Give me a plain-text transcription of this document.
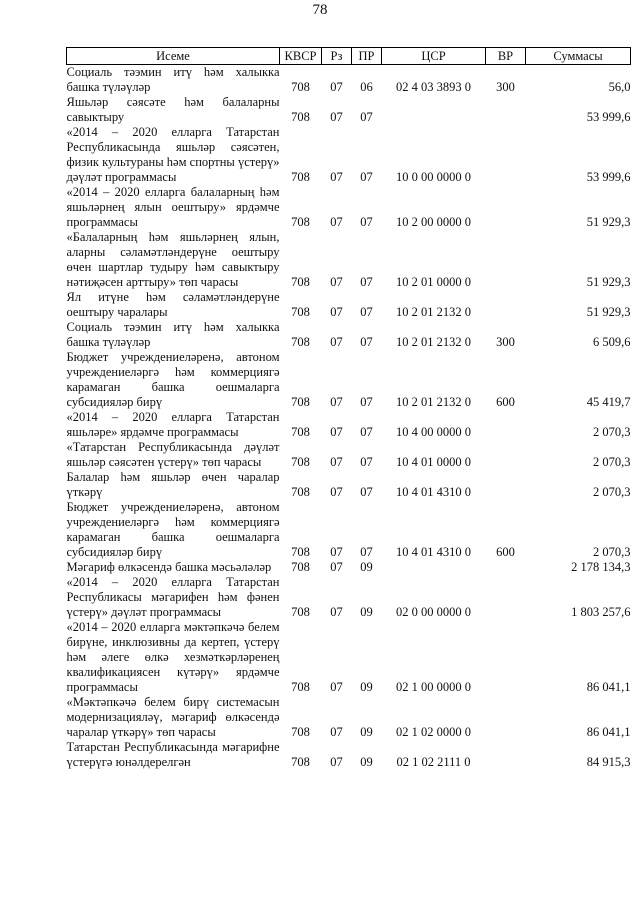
78
Исеме	КВСР	Рз	ПР	ЦСР	ВР	Суммасы
Социаль тәэмин итү һәм халыкка башка түләүләр	708	07	06	02 4 03 3893 0	300	56,0
Яшьләр сәясәте һәм балаларны савыктыру	708	07	07			53 999,6
«2014 – 2020 елларга Татарстан Республикасында яшьләр сәясәтен, физик культураны һәм спортны үстерү» дәүләт программасы	708	07	07	10 0 00 0000 0		53 999,6
«2014 – 2020 елларга балаларның һәм яшьләрнең ялын оештыру» ярдәмче программасы	708	07	07	10 2 00 0000 0		51 929,3
«Балаларның һәм яшьләрнең ялын, аларны сәламәтләндерүне оештыру өчен шартлар тудыру һәм савыктыру нәтиҗәсен арттыру» төп чарасы	708	07	07	10 2 01 0000 0		51 929,3
Ял итүне һәм сәламәтләндерүне оештыру чаралары	708	07	07	10 2 01 2132 0		51 929,3
Социаль тәэмин итү һәм халыкка башка түләүләр	708	07	07	10 2 01 2132 0	300	6 509,6
Бюджет учреждениеләренә, автоном учреждениеләргә һәм коммерциягә карамаган башка оешмаларга субсидияләр бирү	708	07	07	10 2 01 2132 0	600	45 419,7
«2014 – 2020 елларга Татарстан яшьләре» ярдәмче программасы	708	07	07	10 4 00 0000 0		2 070,3
«Татарстан Республикасында дәүләт яшьләр сәясәтен үстерү» төп чарасы	708	07	07	10 4 01 0000 0		2 070,3
Балалар һәм яшьләр өчен чаралар үткәрү	708	07	07	10 4 01 4310 0		2 070,3
Бюджет учреждениеләренә, автоном учреждениеләргә һәм коммерциягә карамаган башка оешмаларга субсидияләр бирү	708	07	07	10 4 01 4310 0	600	2 070,3
Мәгариф өлкәсендә башка мәсьәләләр	708	07	09			2 178 134,3
«2014 – 2020 елларга Татарстан Республикасы мәгарифен һәм фәнен үстерү» дәүләт программасы	708	07	09	02 0 00 0000 0		1 803 257,6
«2014 – 2020 елларга мәктәпкәчә белем бирүне, инклюзивны да кертеп, үстерү һәм әлеге өлкә хезмәткәрләренең квалификациясен күтәрү» ярдәмче программасы	708	07	09	02 1 00 0000 0		86 041,1
«Мәктәпкәчә белем бирү системасын модернизацияләү, мәгариф өлкәсендә чаралар үткәрү» төп чарасы	708	07	09	02 1 02 0000 0		86 041,1
Татарстан Республикасында мәгарифне үстерүгә юнәлдерелгән	708	07	09	02 1 02 2111 0		84 915,3
